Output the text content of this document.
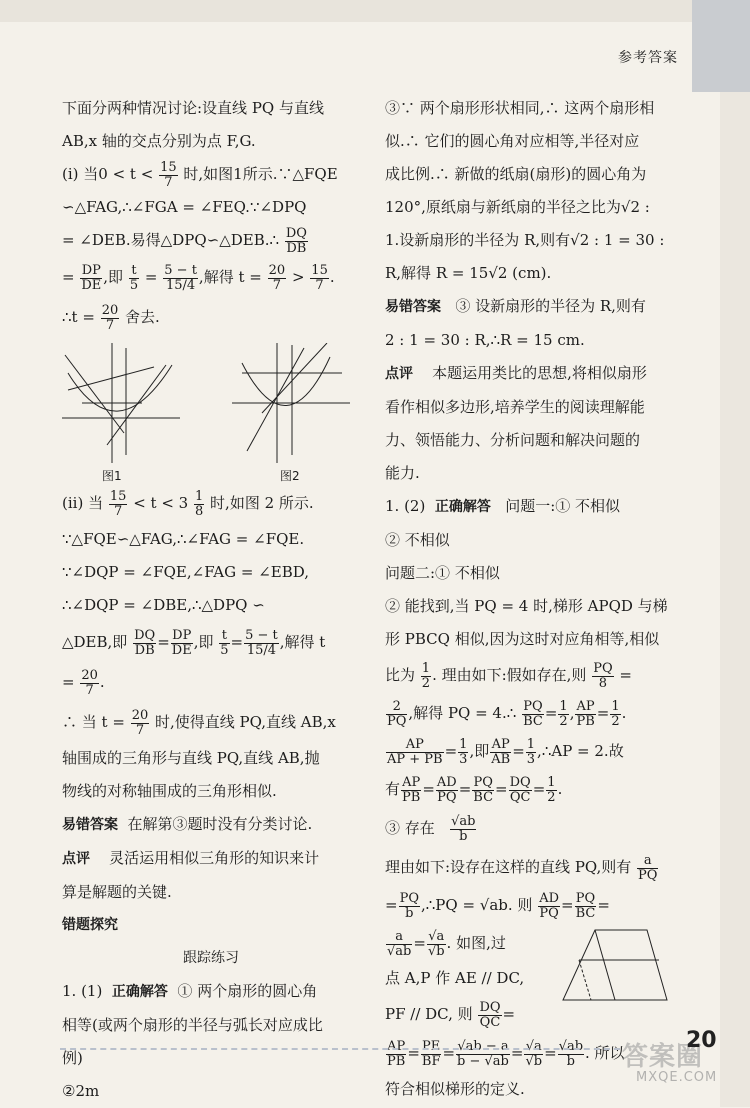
参考答案

下面分两种情况讨论:设直线 PQ 与直线

AB,x 轴的交点分别为点 F,G.

(i) 当$0 < t < \frac{15}{7}$ 时,如图1所示.∵△FQE

∽△FAG,∴∠FGA = ∠FEQ.∵∠DPQ

= ∠DEB.易得△DPQ∽△DEB.∴ $\frac{DQ}{DB}$

= $\frac{DP}{DE}$ ,即 $\frac{t}{5} = \frac{5 - t}{15/4}$ ,解得 $t = \frac{20}{7} > \frac{15}{7}$ .

∴t = $\frac{20}{7}$ 舍去.

图1	图2

(ii) 当 $\frac{15}{7} < t < 3 \frac{1}{8}$ 时,如图 2 所示.

∵△FQE∽△FAG,∴∠FAG = ∠FQE.

∵∠DQP = ∠FQE,∠FAG = ∠EBD,

∴∠DQP = ∠DBE,∴△DPQ ∽

△DEB,即 $\frac{DQ}{DB} = \frac{DP}{DE}$ ,即 $\frac{t}{5} = \frac{5 - t}{15/4}$ ,解得 t

= $\frac{20}{7}$ .

∴ 当 $t = \frac{20}{7}$ 时,使得直线 PQ,直线 AB,x

轴围成的三角形与直线 PQ,直线 AB,抛

物线的对称轴围成的三角形相似.

易错答案 在解第③题时没有分类讨论.

点评 灵活运用相似三角形的知识来计

算是解题的关键.

错题探究

跟踪练习

1. (1) 正确解答 ① 两个扇形的圆心角

相等(或两个扇形的半径与弧长对应成比

例)

②2m

③∵ 两个扇形形状相同,∴ 这两个扇形相

似.∴ 它们的圆心角对应相等,半径对应

成比例.∴ 新做的纸扇(扇形)的圆心角为

120°,原纸扇与新纸扇的半径之比为√2 :

1.设新扇形的半径为 R,则有√2 : 1 = 30 :

R,解得 R = 15√2 (cm).

易错答案 ③ 设新扇形的半径为 R,则有

2 : 1 = 30 : R,∴R = 15 cm.

点评 本题运用类比的思想,将相似扇形

看作相似多边形,培养学生的阅读理解能

力、领悟能力、分析问题和解决问题的

能力.

1. (2) 正确解答 问题一:① 不相似

② 不相似

问题二:① 不相似

② 能找到,当 PQ = 4 时,梯形 APQD 与梯

形 PBCQ 相似,因为这时对应角相等,相似

比为 $\frac{1}{2}$ . 理由如下:假如存在,则 $\frac{PQ}{8}$ =

$\frac{2}{PQ}$ ,解得 PQ = 4.∴ $\frac{PQ}{BC} = \frac{1}{2}$ , $\frac{AP}{PB} = \frac{1}{2}$ .

$\frac{AP}{AP + PB} = \frac{1}{3}$ ,即 $\frac{AP}{AB} = \frac{1}{3}$ ,∴AP = 2.故

有 $\frac{AP}{PB} = \frac{AD}{PQ} = \frac{PQ}{BC} = \frac{DQ}{QC} = \frac{1}{2}$ .

③ 存在 $\frac{√ab}{b}$

理由如下:设存在这样的直线 PQ,则有 $\frac{a}{PQ}$

= $\frac{PQ}{b}$ ,∴PQ = √ab. 则 $\frac{AD}{PQ} = \frac{PQ}{BC}$ =

$\frac{a}{√ab} = \frac{√a}{√b}$ . 如图,过

点 A,P 作 AE // DC,

PF // DC, 则 $\frac{DQ}{QC}$ =

$\frac{AP}{PB} = \frac{PE}{BF} = \frac{√ab - a}{b - √ab} = \frac{√a}{√b} = \frac{√ab}{b}$ . 所以

符合相似梯形的定义.

答案圈
MXQE.COM
20
